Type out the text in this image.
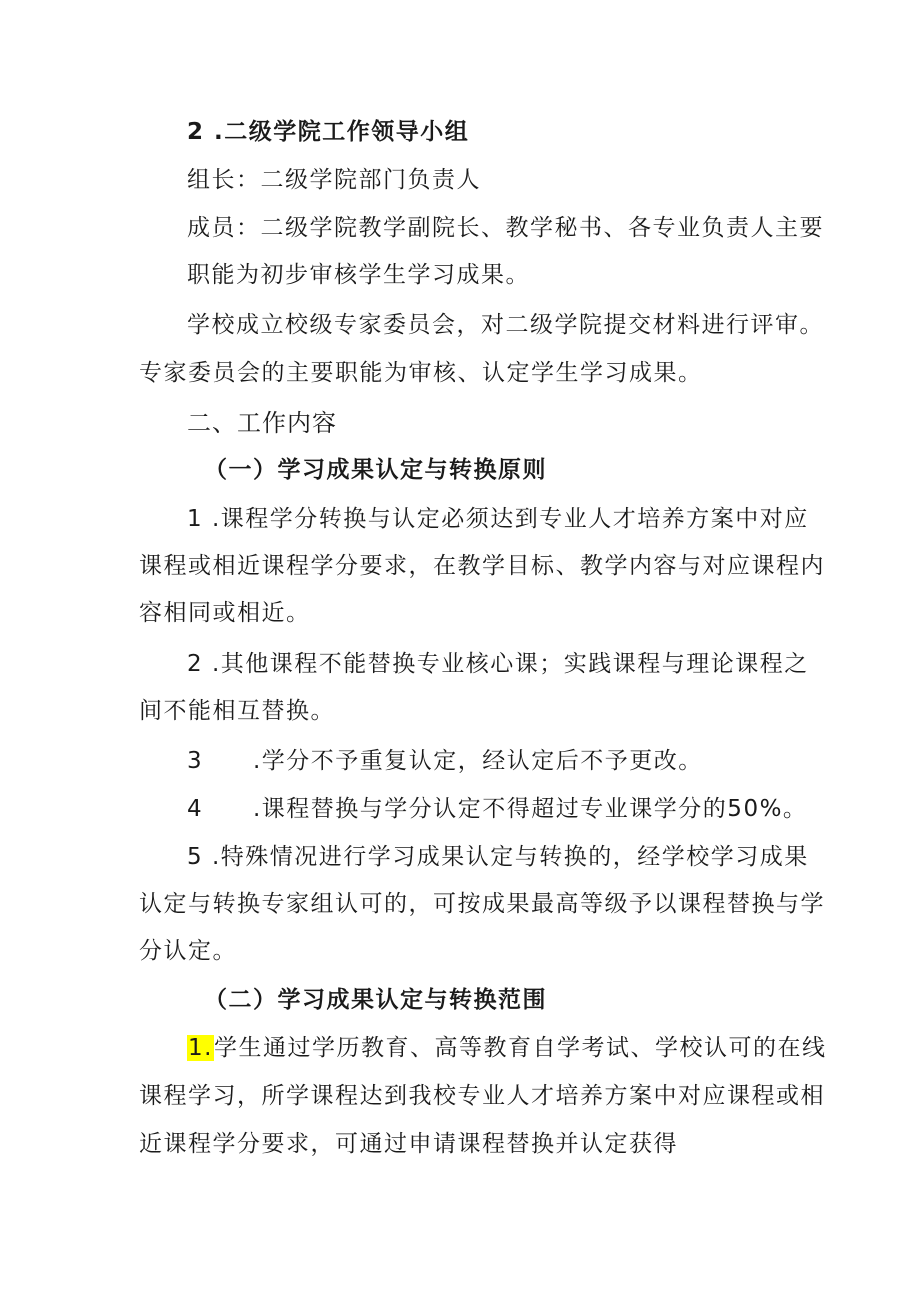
2 .二级学院工作领导小组
组长：二级学院部门负责人
成员：二级学院教学副院长、教学秘书、各专业负责人主要
职能为初步审核学生学习成果。
学校成立校级专家委员会，对二级学院提交材料进行评审。
专家委员会的主要职能为审核、认定学生学习成果。
二、工作内容
（一）学习成果认定与转换原则
1 .课程学分转换与认定必须达到专业人才培养方案中对应
课程或相近课程学分要求，在教学目标、教学内容与对应课程内
容相同或相近。
2 .其他课程不能替换专业核心课；实践课程与理论课程之
间不能相互替换。
3 .学分不予重复认定，经认定后不予更改。
4 .课程替换与学分认定不得超过专业课学分的50%。
5 .特殊情况进行学习成果认定与转换的，经学校学习成果
认定与转换专家组认可的，可按成果最高等级予以课程替换与学
分认定。
（二）学习成果认定与转换范围
1.学生通过学历教育、高等教育自学考试、学校认可的在线
课程学习，所学课程达到我校专业人才培养方案中对应课程或相
近课程学分要求，可通过申请课程替换并认定获得
